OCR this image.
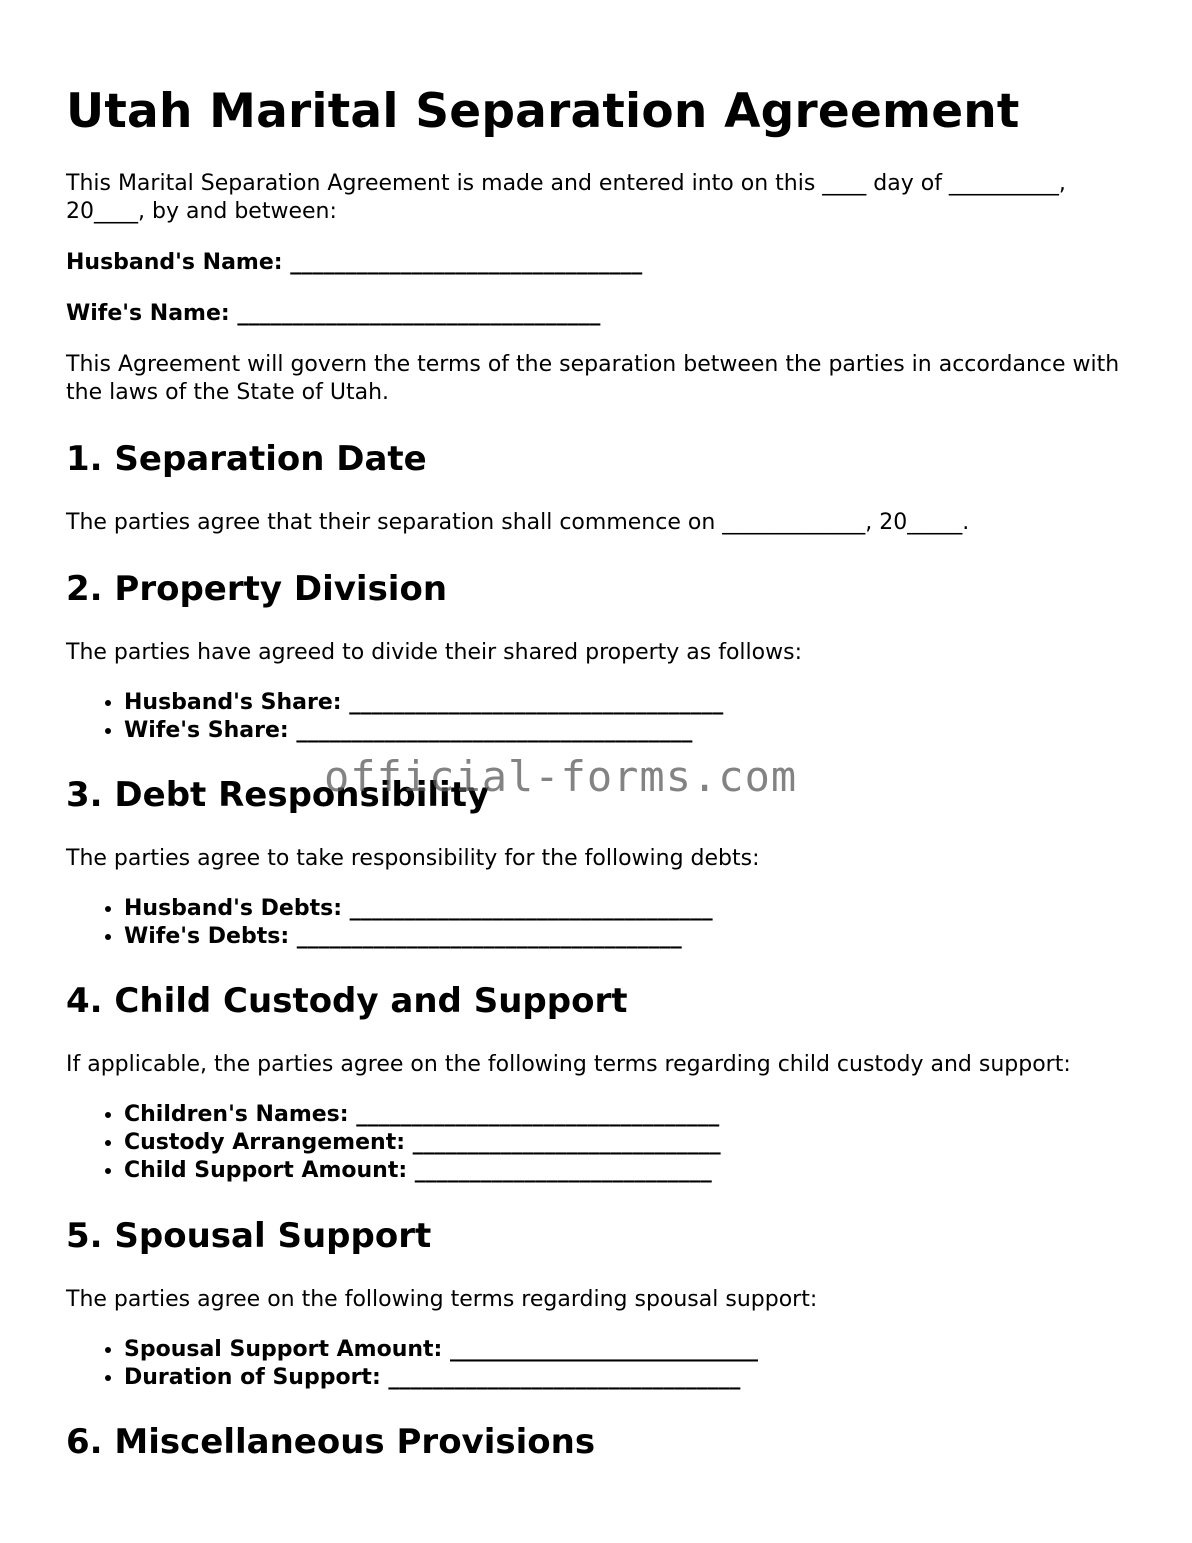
Utah Marital Separation Agreement

This Marital Separation Agreement is made and entered into on this ____ day of __________, 20____, by and between:

Husband's Name: ________________________________

Wife's Name: _________________________________

This Agreement will govern the terms of the separation between the parties in accordance with the laws of the State of Utah.

1. Separation Date

The parties agree that their separation shall commence on _____________, 20_____.

2. Property Division

The parties have agreed to divide their shared property as follows:

• Husband's Share: __________________________________
• Wife's Share: ____________________________________
3. Debt Responsibility

The parties agree to take responsibility for the following debts:

• Husband's Debts: _________________________________
• Wife's Debts: ___________________________________
4. Child Custody and Support

If applicable, the parties agree on the following terms regarding child custody and support:

• Children's Names: _________________________________
• Custody Arrangement: ____________________________
• Child Support Amount: ___________________________
5. Spousal Support

The parties agree on the following terms regarding spousal support:

• Spousal Support Amount: ____________________________
• Duration of Support: ________________________________
6. Miscellaneous Provisions
official-forms.com
